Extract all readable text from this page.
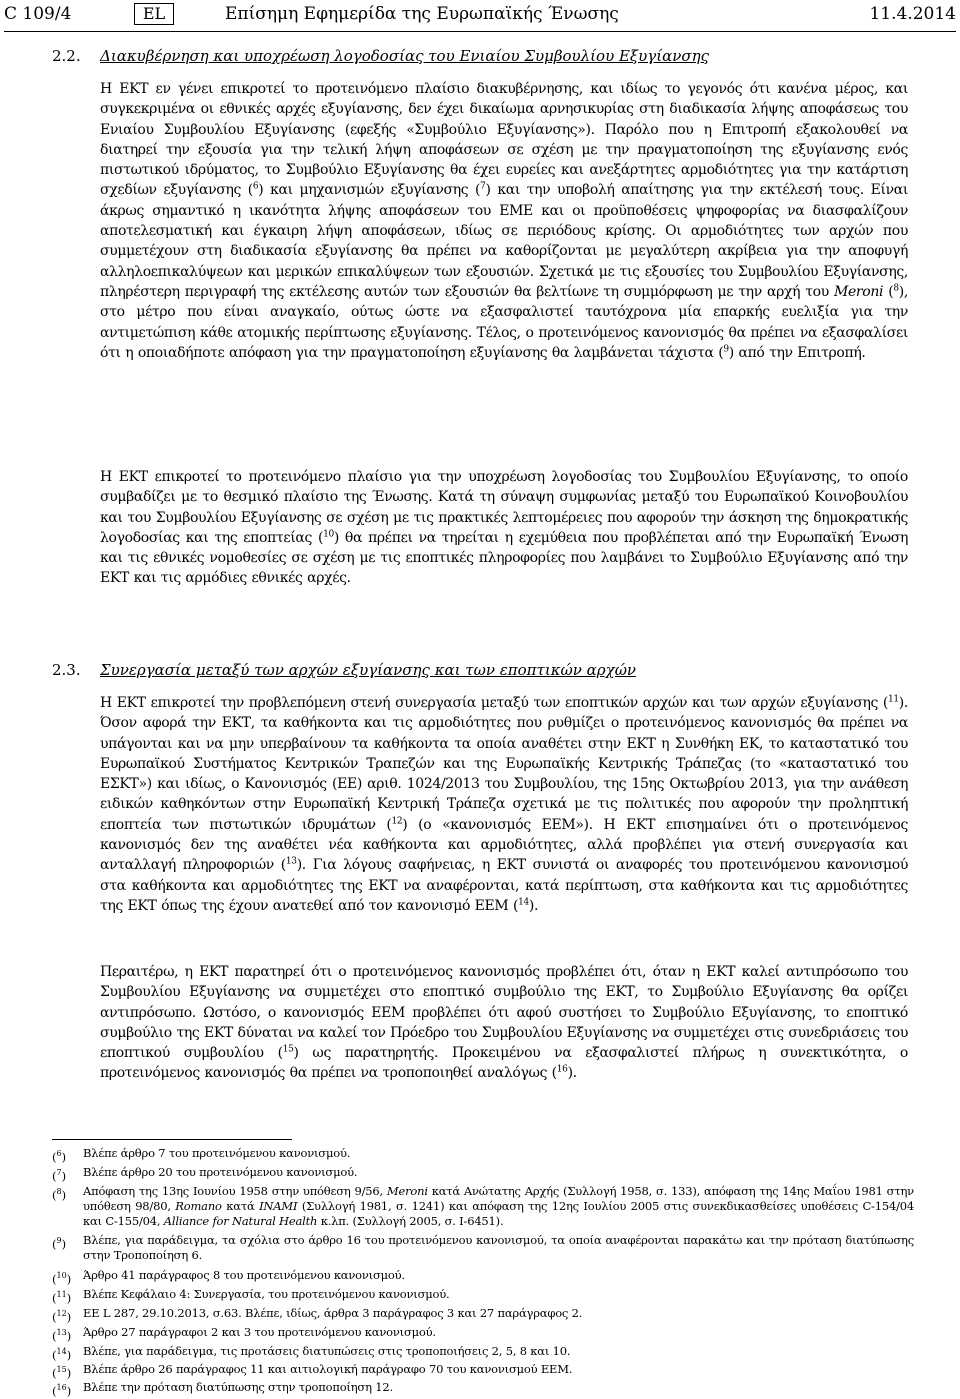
C 109/4	EL	Επίσημη Εφημερίδα της Ευρωπαϊκής Ένωσης	11.4.2014
2.2. Διακυβέρνηση και υποχρέωση λογοδοσίας του Ενιαίου Συμβουλίου Εξυγίανσης
Η ΕΚΤ εν γένει επικροτεί το προτεινόμενο πλαίσιο διακυβέρνησης, και ιδίως το γεγονός ότι κανένα μέρος, και συγκεκριμένα οι εθνικές αρχές εξυγίανσης, δεν έχει δικαίωμα αρνησικυρίας στη διαδικασία λήψης αποφάσεως του Ενιαίου Συμβουλίου Εξυγίανσης (εφεξής «Συμβούλιο Εξυγίανσης»). Παρόλο που η Επιτροπή εξακολουθεί να διατηρεί την εξουσία για την τελική λήψη αποφάσεων σε σχέση με την πραγματοποίηση της εξυγίανσης ενός πιστωτικού ιδρύματος, το Συμβούλιο Εξυγίανσης θα έχει ευρείες και ανεξάρτητες αρμοδιότητες για την κατάρτιση σχεδίων εξυγίανσης ($^6$) και μηχανισμών εξυγίανσης ($^7$) και την υποβολή απαίτησης για την εκτέλεσή τους. Είναι άκρως σημαντικό η ικανότητα λήψης αποφάσεων του ΕΜΕ και οι προϋποθέσεις ψηφοφορίας να διασφαλίζουν αποτελεσματική και έγκαιρη λήψη αποφάσεων, ιδίως σε περιόδους κρίσης. Οι αρμοδιότητες των αρχών που συμμετέχουν στη διαδικασία εξυγίανσης θα πρέπει να καθορίζονται με μεγαλύτερη ακρίβεια για την αποφυγή αλληλοεπικαλύψεων και μερικών επικαλύψεων των εξουσιών. Σχετικά με τις εξουσίες του Συμβουλίου Εξυγίανσης, πληρέστερη περιγραφή της εκτέλεσης αυτών των εξουσιών θα βελτίωνε τη συμμόρφωση με την αρχή του Meroni ($^8$), στο μέτρο που είναι αναγκαίο, ούτως ώστε να εξασφαλιστεί ταυτόχρονα μία επαρκής ευελιξία για την αντιμετώπιση κάθε ατομικής περίπτωσης εξυγίανσης. Τέλος, ο προτεινόμενος κανονισμός θα πρέπει να εξασφαλίσει ότι η οποιαδήποτε απόφαση για την πραγματοποίηση εξυγίανσης θα λαμβάνεται τάχιστα ($^9$) από την Επιτροπή.
Η ΕΚΤ επικροτεί το προτεινόμενο πλαίσιο για την υποχρέωση λογοδοσίας του Συμβουλίου Εξυγίανσης, το οποίο συμβαδίζει με το θεσμικό πλαίσιο της Ένωσης. Κατά τη σύναψη συμφωνίας μεταξύ του Ευρωπαϊκού Κοινοβουλίου και του Συμβουλίου Εξυγίανσης σε σχέση με τις πρακτικές λεπτομέρειες που αφορούν την άσκηση της δημοκρατικής λογοδοσίας και της εποπτείας ($^{10}$) θα πρέπει να τηρείται η εχεμύθεια που προβλέπεται από την Ευρωπαϊκή Ένωση και τις εθνικές νομοθεσίες σε σχέση με τις εποπτικές πληροφορίες που λαμβάνει το Συμβούλιο Εξυγίανσης από την ΕΚΤ και τις αρμόδιες εθνικές αρχές.
2.3. Συνεργασία μεταξύ των αρχών εξυγίανσης και των εποπτικών αρχών
Η ΕΚΤ επικροτεί την προβλεπόμενη στενή συνεργασία μεταξύ των εποπτικών αρχών και των αρχών εξυγίανσης ($^{11}$). Όσον αφορά την ΕΚΤ, τα καθήκοντα και τις αρμοδιότητες που ρυθμίζει ο προτεινόμενος κανονισμός θα πρέπει να υπάγονται και να μην υπερβαίνουν τα καθήκοντα τα οποία αναθέτει στην ΕΚΤ η Συνθήκη ΕΚ, το καταστατικό του Ευρωπαϊκού Συστήματος Κεντρικών Τραπεζών και της Ευρωπαϊκής Κεντρικής Τράπεζας (το «καταστατικό του ΕΣΚΤ») και ιδίως, ο Κανονισμός (ΕΕ) αριθ. 1024/2013 του Συμβουλίου, της 15ης Οκτωβρίου 2013, για την ανάθεση ειδικών καθηκόντων στην Ευρωπαϊκή Κεντρική Τράπεζα σχετικά με τις πολιτικές που αφορούν την προληπτική εποπτεία των πιστωτικών ιδρυμάτων ($^{12}$) (ο «κανονισμός ΕΕΜ»). Η ΕΚΤ επισημαίνει ότι ο προτεινόμενος κανονισμός δεν της αναθέτει νέα καθήκοντα και αρμοδιότητες, αλλά προβλέπει για στενή συνεργασία και ανταλλαγή πληροφοριών ($^{13}$). Για λόγους σαφήνειας, η ΕΚΤ συνιστά οι αναφορές του προτεινόμενου κανονισμού στα καθήκοντα και αρμοδιότητες της ΕΚΤ να αναφέρονται, κατά περίπτωση, στα καθήκοντα και τις αρμοδιότητες της ΕΚΤ όπως της έχουν ανατεθεί από τον κανονισμό ΕΕΜ ($^{14}$).
Περαιτέρω, η ΕΚΤ παρατηρεί ότι ο προτεινόμενος κανονισμός προβλέπει ότι, όταν η ΕΚΤ καλεί αντιπρόσωπο του Συμβουλίου Εξυγίανσης να συμμετέχει στο εποπτικό συμβούλιο της ΕΚΤ, το Συμβούλιο Εξυγίανσης θα ορίζει αντιπρόσωπο. Ωστόσο, ο κανονισμός ΕΕΜ προβλέπει ότι αφού συστήσει το Συμβούλιο Εξυγίανσης, το εποπτικό συμβούλιο της ΕΚΤ δύναται να καλεί τον Πρόεδρο του Συμβουλίου Εξυγίανσης να συμμετέχει στις συνεδριάσεις του εποπτικού συμβουλίου ($^{15}$) ως παρατηρητής. Προκειμένου να εξασφαλιστεί πλήρως η συνεκτικότητα, ο προτεινόμενος κανονισμός θα πρέπει να τροποποιηθεί αναλόγως ($^{16}$).
($^6$)	Βλέπε άρθρο 7 του προτεινόμενου κανονισμού.
($^7$)	Βλέπε άρθρο 20 του προτεινόμενου κανονισμού.
($^8$)	Απόφαση της 13ης Ιουνίου 1958 στην υπόθεση 9/56, Meroni κατά Ανώτατης Αρχής (Συλλογή 1958, σ. 133), απόφαση της 14ης Μαΐου 1981 στην υπόθεση 98/80, Romano κατά INAMI (Συλλογή 1981, σ. 1241) και απόφαση της 12ης Ιουλίου 2005 στις συνεκδικασθείσες υποθέσεις C-154/04 και C-155/04, Alliance for Natural Health κ.λπ. (Συλλογή 2005, σ. I-6451).
($^9$)	Βλέπε, για παράδειγμα, τα σχόλια στο άρθρο 16 του προτεινόμενου κανονισμού, τα οποία αναφέρονται παρακάτω και την πρόταση διατύπωσης στην Τροποποίηση 6.
($^{10}$)	Άρθρο 41 παράγραφος 8 του προτεινόμενου κανονισμού.
($^{11}$)	Βλέπε Κεφάλαιο 4: Συνεργασία, του προτεινόμενου κανονισμού.
($^{12}$)	ΕΕ L 287, 29.10.2013, σ.63. Βλέπε, ιδίως, άρθρα 3 παράγραφος 3 και 27 παράγραφος 2.
($^{13}$)	Άρθρο 27 παράγραφοι 2 και 3 του προτεινόμενου κανονισμού.
($^{14}$)	Βλέπε, για παράδειγμα, τις προτάσεις διατυπώσεις στις τροποποιήσεις 2, 5, 8 και 10.
($^{15}$)	Βλέπε άρθρο 26 παράγραφος 11 και αιτιολογική παράγραφο 70 του κανονισμού ΕΕΜ.
($^{16}$)	Βλέπε την πρόταση διατύπωσης στην τροποποίηση 12.
